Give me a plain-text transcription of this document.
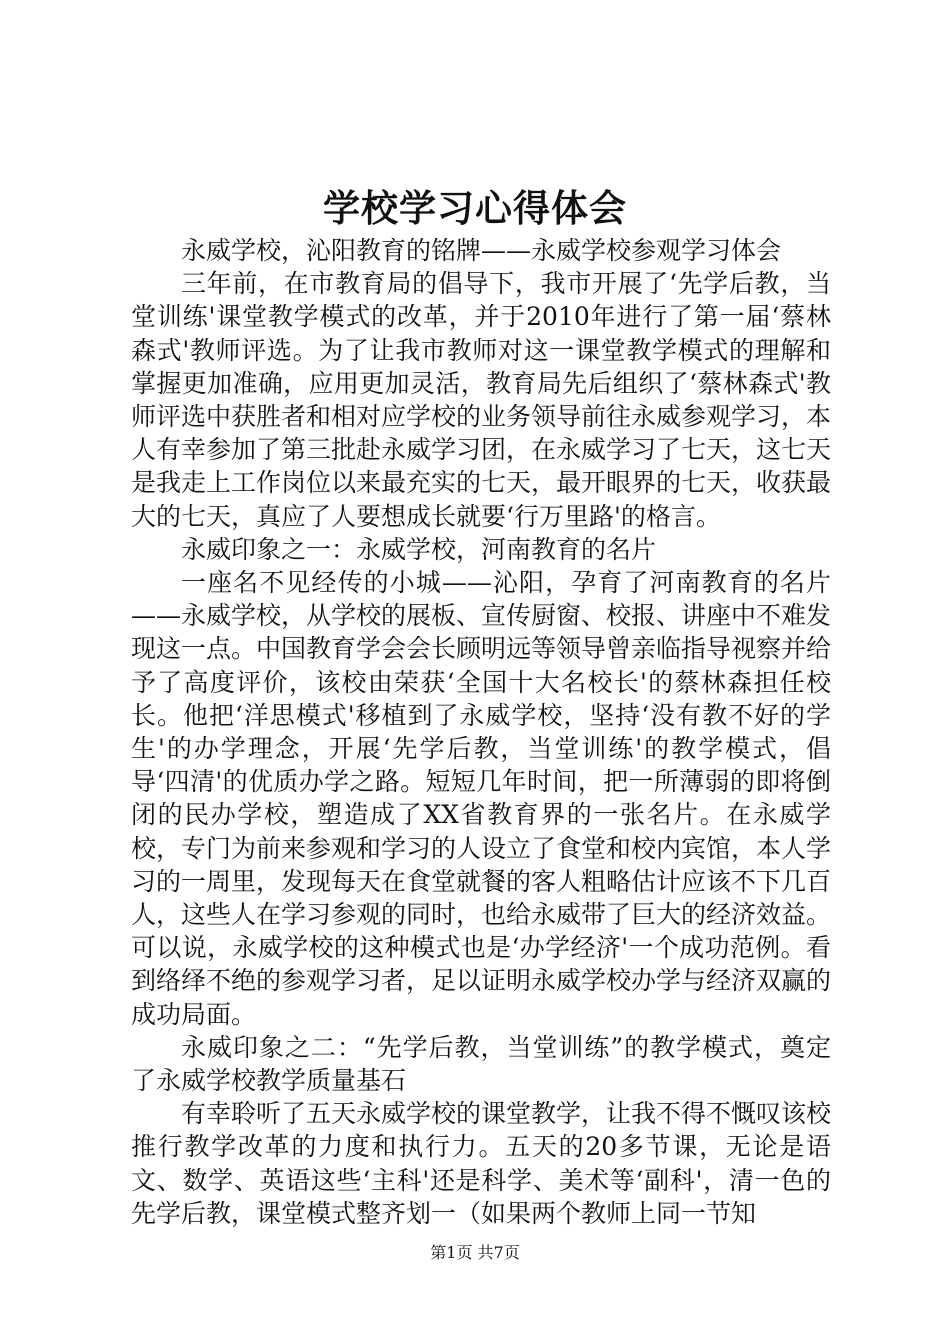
学校学习心得体会

永威学校，沁阳教育的铭牌——永威学校参观学习体会

三年前，在市教育局的倡导下，我市开展了‘先学后教，当堂训练'课堂教学模式的改革，并于2010年进行了第一届‘蔡林森式'教师评选。为了让我市教师对这一课堂教学模式的理解和掌握更加准确，应用更加灵活，教育局先后组织了‘蔡林森式'教师评选中获胜者和相对应学校的业务领导前往永威参观学习，本人有幸参加了第三批赴永威学习团，在永威学习了七天，这七天是我走上工作岗位以来最充实的七天，最开眼界的七天，收获最大的七天，真应了人要想成长就要‘行万里路'的格言。

永威印象之一：永威学校，河南教育的名片

一座名不见经传的小城——沁阳，孕育了河南教育的名片——永威学校，从学校的展板、宣传厨窗、校报、讲座中不难发现这一点。中国教育学会会长顾明远等领导曾亲临指导视察并给予了高度评价，该校由荣获‘全国十大名校长'的蔡林森担任校长。他把‘洋思模式'移植到了永威学校，坚持‘没有教不好的学生'的办学理念，开展‘先学后教，当堂训练'的教学模式，倡导‘四清'的优质办学之路。短短几年时间，把一所薄弱的即将倒闭的民办学校，塑造成了XX省教育界的一张名片。在永威学校，专门为前来参观和学习的人设立了食堂和校内宾馆，本人学习的一周里，发现每天在食堂就餐的客人粗略估计应该不下几百人，这些人在学习参观的同时，也给永威带了巨大的经济效益。可以说，永威学校的这种模式也是‘办学经济'一个成功范例。看到络绎不绝的参观学习者，足以证明永威学校办学与经济双赢的成功局面。

永威印象之二：“先学后教，当堂训练”的教学模式，奠定了永威学校教学质量基石

有幸聆听了五天永威学校的课堂教学，让我不得不慨叹该校推行教学改革的力度和执行力。五天的20多节课，无论是语文、数学、英语这些‘主科'还是科学、美术等‘副科'，清一色的先学后教，课堂模式整齐划一（如果两个教师上同一节知

第1页 共7页
